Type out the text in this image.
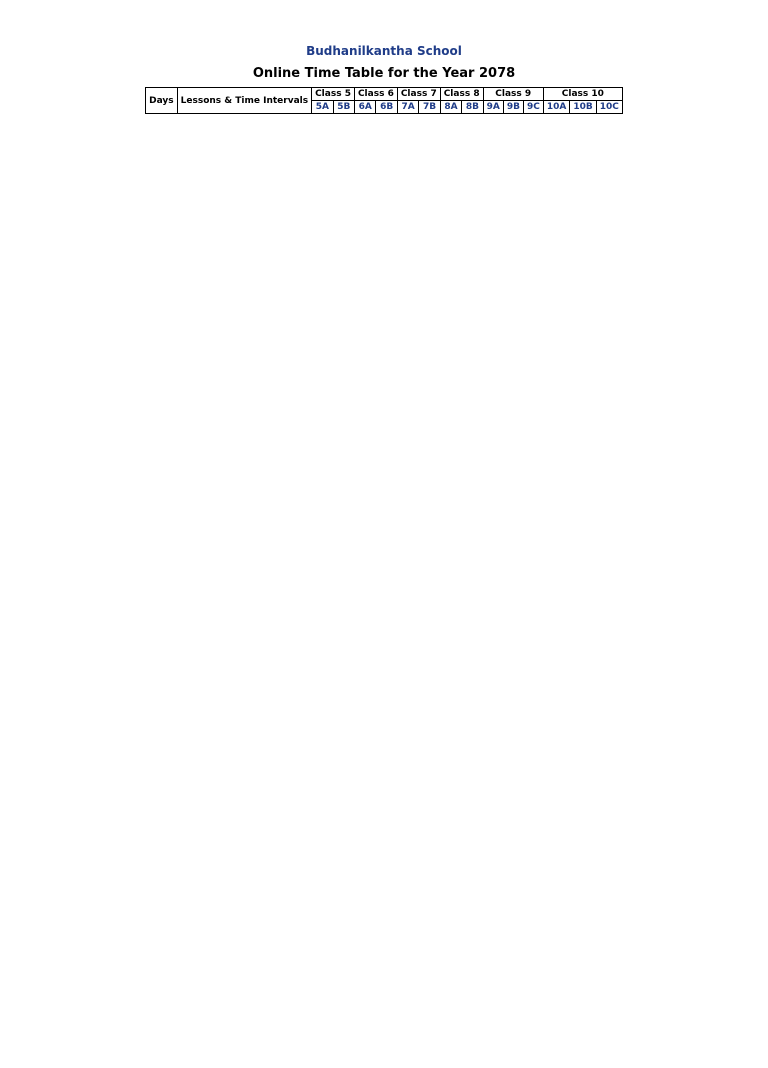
Budhanilkantha School
Online Time Table for the Year 2078
Days	Lessons & Time Intervals	Class 5		Class 6		Class 7		Class 8		Class 9			Class 10		
		5A	5B	6A	6B	7A	7B	8A	8B	9A	9B	9C	10A	10B	10C
